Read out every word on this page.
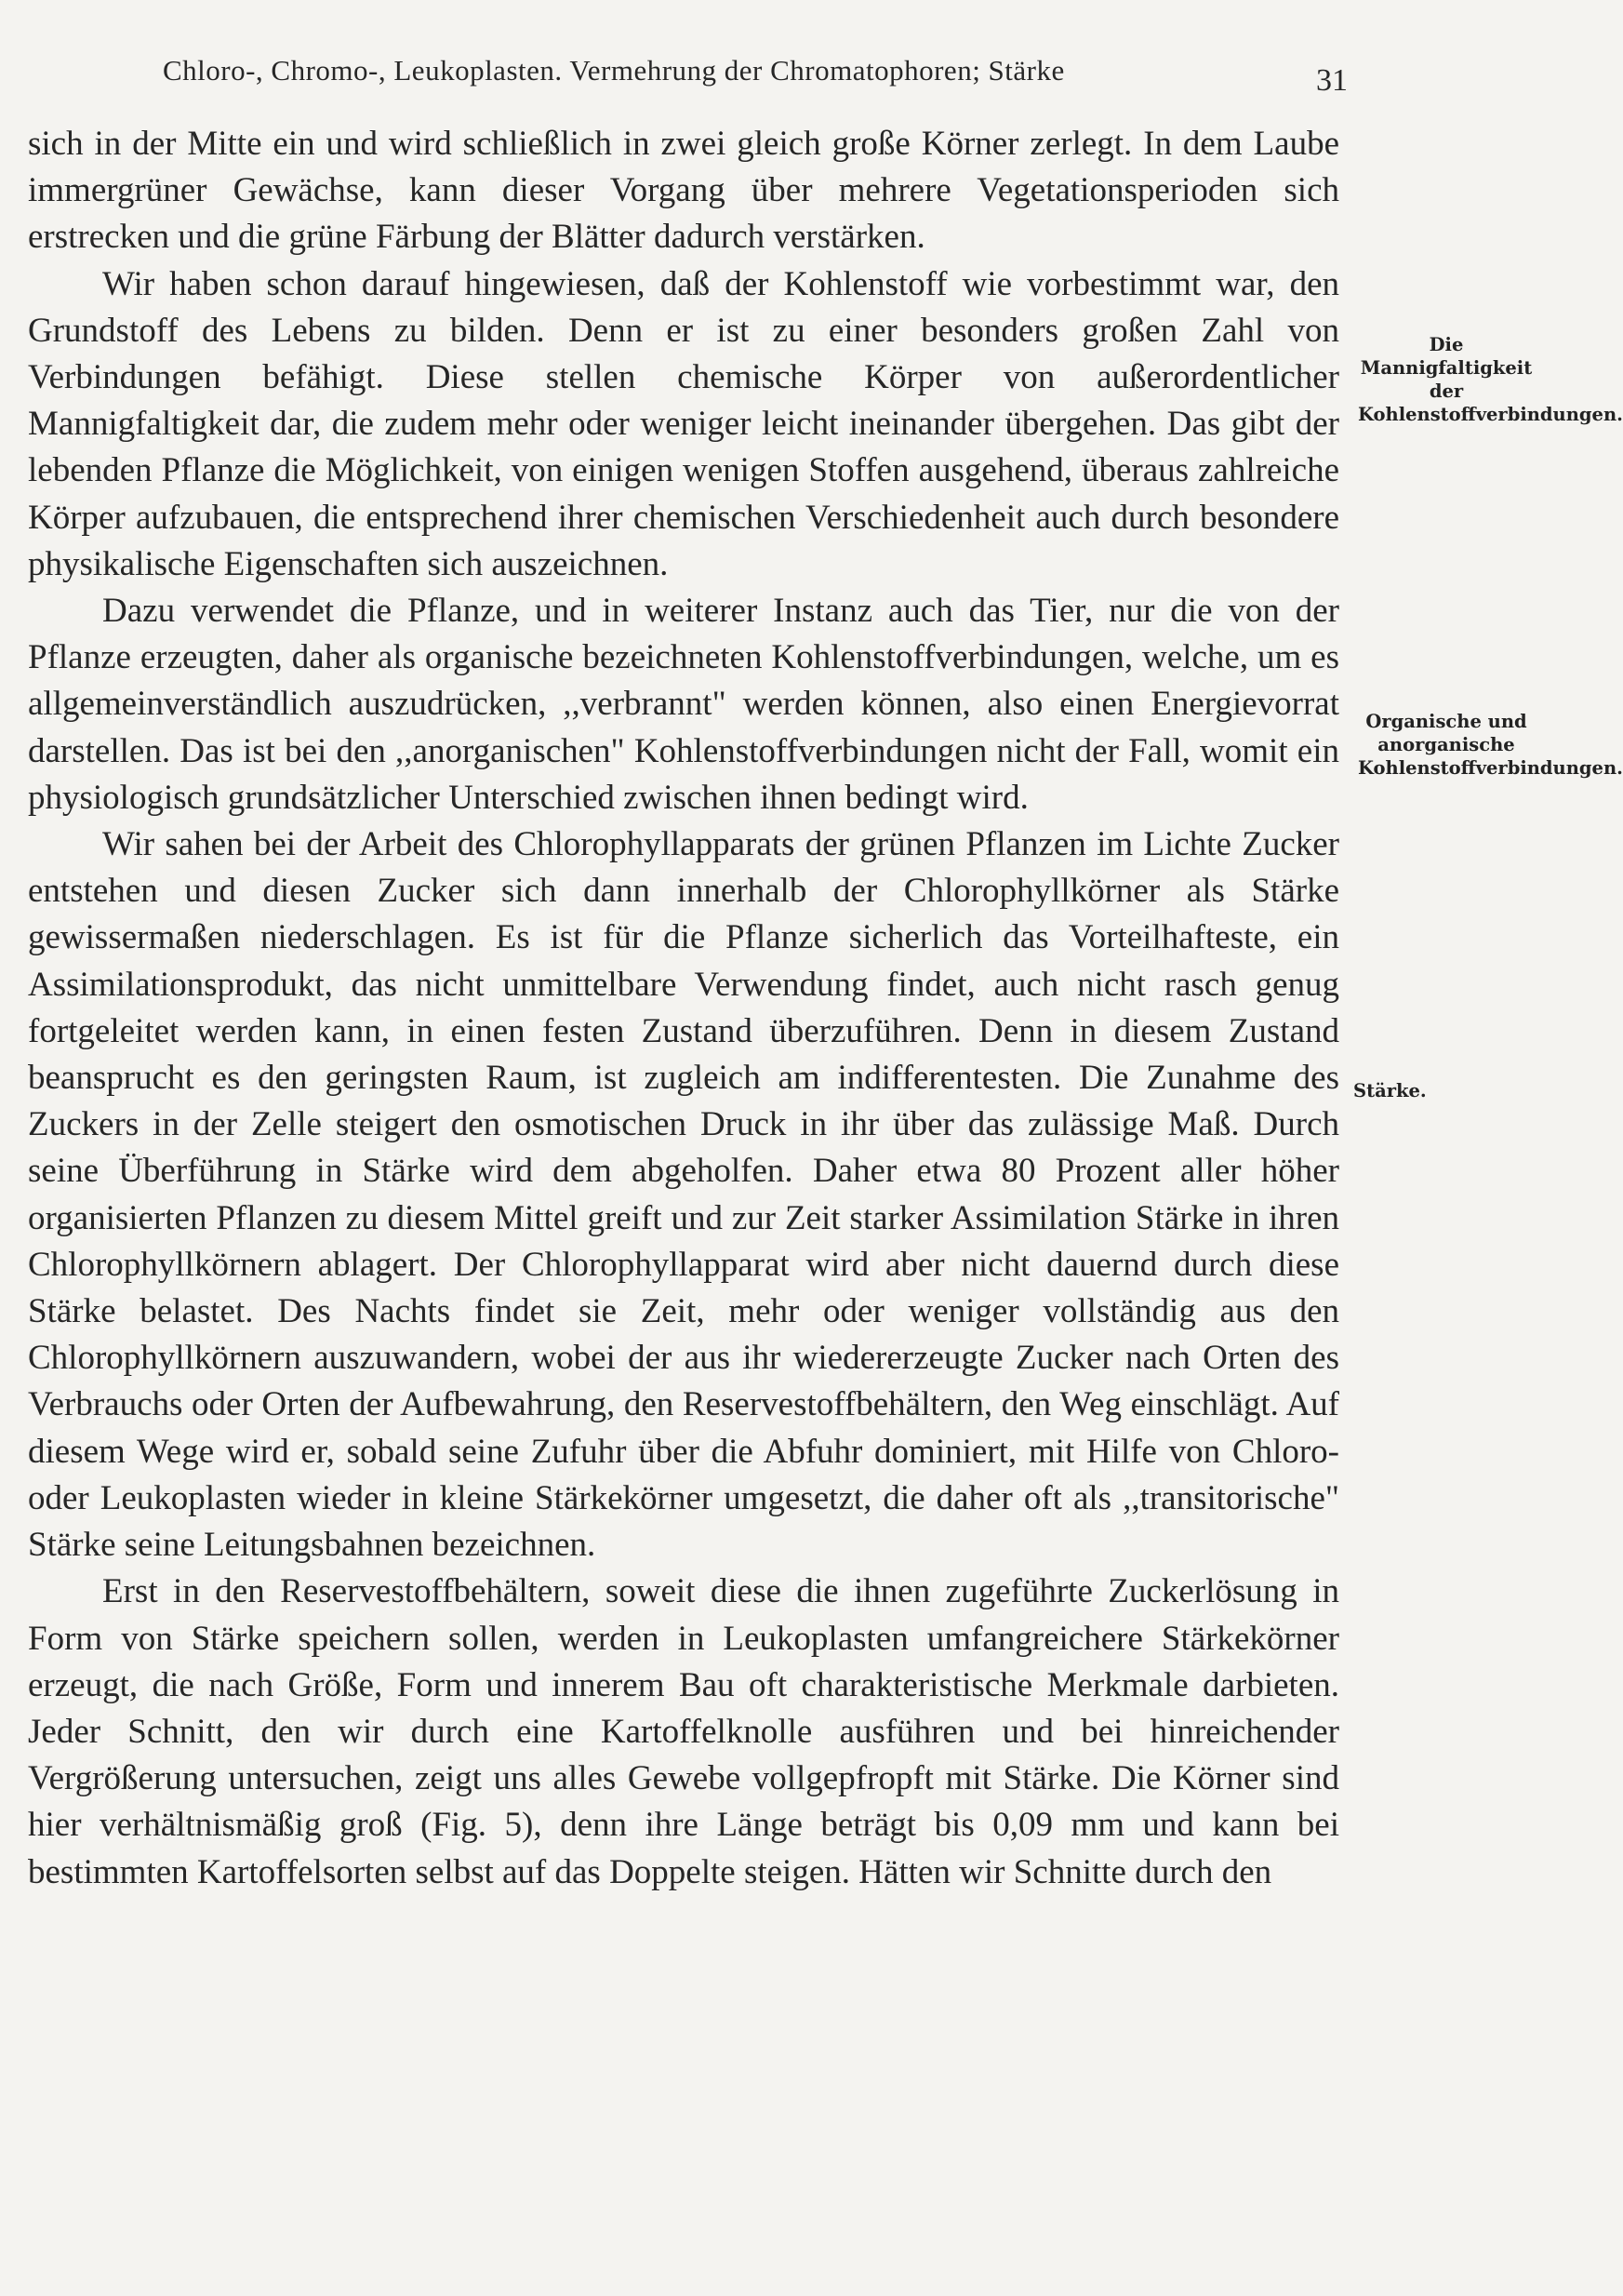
Chloro-, Chromo-, Leukoplasten. Vermehrung der Chromatophoren; Stärke	31

sich in der Mitte ein und wird schließlich in zwei gleich große Körner zerlegt. In dem Laube immergrüner Gewächse, kann dieser Vorgang über mehrere Vegetationsperioden sich erstrecken und die grüne Färbung der Blätter dadurch verstärken.

Wir haben schon darauf hingewiesen, daß der Kohlenstoff wie vorbestimmt war, den Grundstoff des Lebens zu bilden. Denn er ist zu einer besonders großen Zahl von Verbindungen befähigt. Diese stellen chemische Körper von außerordentlicher Mannigfaltigkeit dar, die zudem mehr oder weniger leicht ineinander übergehen. Das gibt der lebenden Pflanze die Möglichkeit, von einigen wenigen Stoffen ausgehend, überaus zahlreiche Körper aufzubauen, die entsprechend ihrer chemischen Verschiedenheit auch durch besondere physikalische Eigenschaften sich auszeichnen.

Dazu verwendet die Pflanze, und in weiterer Instanz auch das Tier, nur die von der Pflanze erzeugten, daher als organische bezeichneten Kohlenstoffverbindungen, welche, um es allgemeinverständlich auszudrücken, ,,verbrannt" werden können, also einen Energievorrat darstellen. Das ist bei den ,,anorganischen" Kohlenstoffverbindungen nicht der Fall, womit ein physiologisch grundsätzlicher Unterschied zwischen ihnen bedingt wird.

Wir sahen bei der Arbeit des Chlorophyllapparats der grünen Pflanzen im Lichte Zucker entstehen und diesen Zucker sich dann innerhalb der Chlorophyllkörner als Stärke gewissermaßen niederschlagen. Es ist für die Pflanze sicherlich das Vorteilhafteste, ein Assimilationsprodukt, das nicht unmittelbare Verwendung findet, auch nicht rasch genug fortgeleitet werden kann, in einen festen Zustand überzuführen. Denn in diesem Zustand beansprucht es den geringsten Raum, ist zugleich am indifferentesten. Die Zunahme des Zuckers in der Zelle steigert den osmotischen Druck in ihr über das zulässige Maß. Durch seine Überführung in Stärke wird dem abgeholfen. Daher etwa 80 Prozent aller höher organisierten Pflanzen zu diesem Mittel greift und zur Zeit starker Assimilation Stärke in ihren Chlorophyllkörnern ablagert. Der Chlorophyllapparat wird aber nicht dauernd durch diese Stärke belastet. Des Nachts findet sie Zeit, mehr oder weniger vollständig aus den Chlorophyllkörnern auszuwandern, wobei der aus ihr wiedererzeugte Zucker nach Orten des Verbrauchs oder Orten der Aufbewahrung, den Reservestoffbehältern, den Weg einschlägt. Auf diesem Wege wird er, sobald seine Zufuhr über die Abfuhr dominiert, mit Hilfe von Chloro- oder Leukoplasten wieder in kleine Stärkekörner umgesetzt, die daher oft als ,,transitorische" Stärke seine Leitungsbahnen bezeichnen.

Erst in den Reservestoffbehältern, soweit diese die ihnen zugeführte Zuckerlösung in Form von Stärke speichern sollen, werden in Leukoplasten umfangreichere Stärkekörner erzeugt, die nach Größe, Form und innerem Bau oft charakteristische Merkmale darbieten. Jeder Schnitt, den wir durch eine Kartoffelknolle ausführen und bei hinreichender Vergrößerung untersuchen, zeigt uns alles Gewebe vollgepfropft mit Stärke. Die Körner sind hier verhältnismäßig groß (Fig. 5), denn ihre Länge beträgt bis 0,09 mm und kann bei bestimmten Kartoffelsorten selbst auf das Doppelte steigen. Hätten wir Schnitte durch den

Die Mannigfaltigkeit der Kohlenstoffverbindungen.
Organische und anorganische Kohlenstoffverbindungen.
Stärke.
